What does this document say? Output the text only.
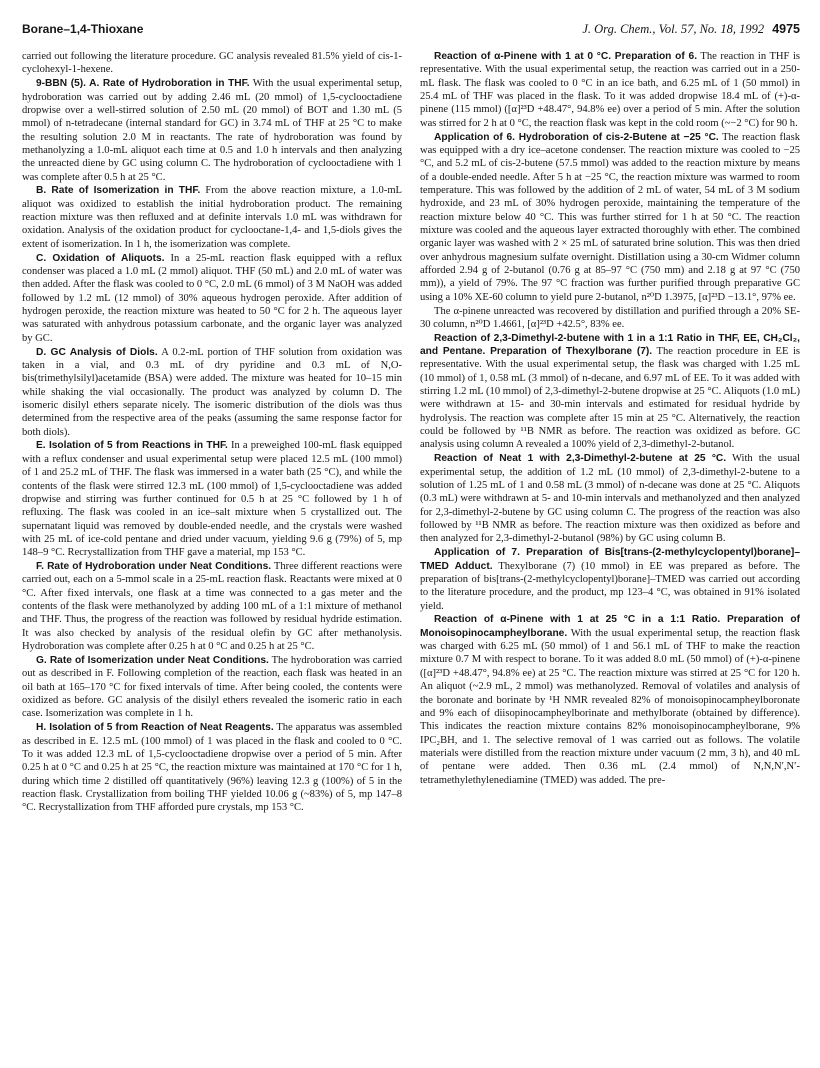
Borane–1,4-Thioxane	J. Org. Chem., Vol. 57, No. 18, 1992 4975

carried out following the literature procedure. GC analysis revealed 81.5% yield of cis-1-cyclohexyl-1-hexene.

9-BBN (5). A. Rate of Hydroboration in THF. With the usual experimental setup, hydroboration was carried out by adding 2.46 mL (20 mmol) of 1,5-cyclooctadiene dropwise over a well-stirred solution of 2.50 mL (20 mmol) of BOT and 1.30 mL (5 mmol) of n-tetradecane (internal standard for GC) in 3.74 mL of THF at 25 °C to make the resulting solution 2.0 M in reactants. The rate of hydroboration was found by methanolyzing a 1.0-mL aliquot each time at 0.5 and 1.0 h intervals and then analyzing the unreacted diene by GC using column C. The hydroboration of cyclooctadiene with 1 was complete after 0.5 h at 25 °C.

B. Rate of Isomerization in THF. From the above reaction mixture, a 1.0-mL aliquot was oxidized to establish the initial hydroboration product. The remaining reaction mixture was then refluxed and at definite intervals 1.0 mL was withdrawn for oxidation. Analysis of the oxidation product for cyclooctane-1,4- and 1,5-diols gives the extent of isomerization. In 1 h, the isomerization was complete.

C. Oxidation of Aliquots. In a 25-mL reaction flask equipped with a reflux condenser was placed a 1.0 mL (2 mmol) aliquot. THF (50 mL) and 2.0 mL of water was then added. After the flask was cooled to 0 °C, 2.0 mL (6 mmol) of 3 M NaOH was added followed by 1.2 mL (12 mmol) of 30% aqueous hydrogen peroxide. After addition of hydrogen peroxide, the reaction mixture was heated to 50 °C for 2 h. The aqueous layer was saturated with anhydrous potassium carbonate, and the organic layer was analyzed by GC.

D. GC Analysis of Diols. A 0.2-mL portion of THF solution from oxidation was taken in a vial, and 0.3 mL of dry pyridine and 0.3 mL of N,O-bis(trimethylsilyl)acetamide (BSA) were added. The mixture was heated for 10–15 min while shaking the vial occasionally. The product was analyzed by column D. The isomeric disilyl ethers separate nicely. The isomeric distribution of the diols was thus determined from the respective area of the peaks (assuming the same response factor for both diols).

E. Isolation of 5 from Reactions in THF. In a preweighed 100-mL flask equipped with a reflux condenser and usual experimental setup were placed 12.5 mL (100 mmol) of 1 and 25.2 mL of THF. The flask was immersed in a water bath (25 °C), and while the contents of the flask were stirred 12.3 mL (100 mmol) of 1,5-cyclooctadiene was added dropwise and stirring was further continued for 0.5 h at 25 °C followed by 1 h of refluxing. The flask was cooled in an ice–salt mixture when 5 crystallized out. The supernatant liquid was removed by double-ended needle, and the crystals were washed with 25 mL of ice-cold pentane and dried under vacuum, yielding 9.6 g (79%) of 5, mp 148–9 °C. Recrystallization from THF gave a material, mp 153 °C.

F. Rate of Hydroboration under Neat Conditions. Three different reactions were carried out, each on a 5-mmol scale in a 25-mL reaction flask. Reactants were mixed at 0 °C. After fixed intervals, one flask at a time was connected to a gas meter and the contents of the flask were methanolyzed by adding 100 mL of a 1:1 mixture of methanol and THF. Thus, the progress of the reaction was followed by residual hydride estimation. It was also checked by analysis of the residual olefin by GC after methanolysis. Hydroboration was complete after 0.25 h at 0 °C and 0.25 h at 25 °C.

G. Rate of Isomerization under Neat Conditions. The hydroboration was carried out as described in F. Following completion of the reaction, each flask was heated in an oil bath at 165–170 °C for fixed intervals of time. After being cooled, the contents were oxidized as before. GC analysis of the disilyl ethers revealed the isomeric ratio in each case. Isomerization was complete in 1 h.

H. Isolation of 5 from Reaction of Neat Reagents. The apparatus was assembled as described in E. 12.5 mL (100 mmol) of 1 was placed in the flask and cooled to 0 °C. To it was added 12.3 mL of 1,5-cyclooctadiene dropwise over a period of 5 min. After 0.25 h at 0 °C and 0.25 h at 25 °C, the reaction mixture was maintained at 170 °C for 1 h, during which time 2 distilled off quantitatively (96%) leaving 12.3 g (100%) of 5 in the reaction flask. Crystallization from boiling THF yielded 10.06 g (~83%) of 5, mp 147–8 °C. Recrystallization from THF afforded pure crystals, mp 153 °C.

Reaction of α-Pinene with 1 at 0 °C. Preparation of 6. The reaction in THF is representative. With the usual experimental setup, the reaction was carried out in a 250-mL flask. The flask was cooled to 0 °C in an ice bath, and 6.25 mL of 1 (50 mmol) in 25.4 mL of THF was placed in the flask. To it was added dropwise 18.4 mL of (+)-α-pinene (115 mmol) ([α]²³D +48.47°, 94.8% ee) over a period of 5 min. After the solution was stirred for 2 h at 0 °C, the reaction flask was kept in the cold room (~−2 °C) for 90 h.

Application of 6. Hydroboration of cis-2-Butene at −25 °C. The reaction flask was equipped with a dry ice–acetone condenser. The reaction mixture was cooled to −25 °C, and 5.2 mL of cis-2-butene (57.5 mmol) was added to the reaction mixture by means of a double-ended needle. After 5 h at −25 °C, the reaction mixture was warmed to room temperature. This was followed by the addition of 2 mL of water, 54 mL of 3 M sodium hydroxide, and 23 mL of 30% hydrogen peroxide, maintaining the temperature of the reaction mixture below 40 °C. This was further stirred for 1 h at 50 °C. The reaction mixture was cooled and the aqueous layer extracted thoroughly with ether. The combined organic layer was washed with 2 × 25 mL of saturated brine solution. This was then dried over anhydrous magnesium sulfate overnight. Distillation using a 30-cm Widmer column afforded 2.94 g of 2-butanol (0.76 g at 85–97 °C (750 mm) and 2.18 g at 97 °C (750 mm)), a yield of 79%. The 97 °C fraction was further purified through preparative GC using a 10% XE-60 column to yield pure 2-butanol, n²⁰D 1.3975, [α]²³D −13.1°, 97% ee.

The α-pinene unreacted was recovered by distillation and purified through a 20% SE-30 column, n²⁰D 1.4661, [α]²³D +42.5°, 83% ee.

Reaction of 2,3-Dimethyl-2-butene with 1 in a 1:1 Ratio in THF, EE, CH₂Cl₂, and Pentane. Preparation of Thexylborane (7). The reaction procedure in EE is representative. With the usual experimental setup, the flask was charged with 1.25 mL (10 mmol) of 1, 0.58 mL (3 mmol) of n-decane, and 6.97 mL of EE. To it was added with stirring 1.2 mL (10 mmol) of 2,3-dimethyl-2-butene dropwise at 25 °C. Aliquots (1.0 mL) were withdrawn at 15- and 30-min intervals and estimated for residual hydride by hydrolysis. The reaction was complete after 15 min at 25 °C. Alternatively, the reaction could be followed by ¹¹B NMR as before. The reaction was oxidized as before. GC analysis using column A revealed a 100% yield of 2,3-dimethyl-2-butanol.

Reaction of Neat 1 with 2,3-Dimethyl-2-butene at 25 °C. With the usual experimental setup, the addition of 1.2 mL (10 mmol) of 2,3-dimethyl-2-butene to a solution of 1.25 mL of 1 and 0.58 mL (3 mmol) of n-decane was done at 25 °C. Aliquots (0.3 mL) were withdrawn at 5- and 10-min intervals and methanolyzed and then analyzed for 2,3-dimethyl-2-butene by GC using column C. The progress of the reaction was also followed by ¹¹B NMR as before. The reaction mixture was then oxidized as before and then analyzed for 2,3-dimethyl-2-butanol (98%) by GC using column B.

Application of 7. Preparation of Bis[trans-(2-methylcyclopentyl)borane]–TMED Adduct. Thexylborane (7) (10 mmol) in EE was prepared as before. The preparation of bis[trans-(2-methylcyclopentyl)borane]–TMED was carried out according to the literature procedure, and the product, mp 123–4 °C, was obtained in 91% isolated yield.

Reaction of α-Pinene with 1 at 25 °C in a 1:1 Ratio. Preparation of Monoisopinocampheylborane. With the usual experimental setup, the reaction flask was charged with 6.25 mL (50 mmol) of 1 and 56.1 mL of THF to make the reaction mixture 0.7 M with respect to borane. To it was added 8.0 mL (50 mmol) of (+)-α-pinene ([α]²³D +48.47°, 94.8% ee) at 25 °C. The reaction mixture was stirred at 25 °C for 120 h. An aliquot (~2.9 mL, 2 mmol) was methanolyzed. Removal of volatiles and analysis of the boronate and borinate by ¹H NMR revealed 82% of monoisopinocampheylboronate and 9% each of diisopinocampheylborinate and methylborate (obtained by difference). This indicates the reaction mixture contains 82% monoisopinocampheylborane, 9% IPC₂BH, and 1. The selective removal of 1 was carried out as follows. The volatile materials were distilled from the reaction mixture under vacuum (2 mm, 3 h), and 40 mL of pentane were added. Then 0.36 mL (2.4 mmol) of N,N,N′,N′-tetramethylethylenediamine (TMED) was added. The pre-
